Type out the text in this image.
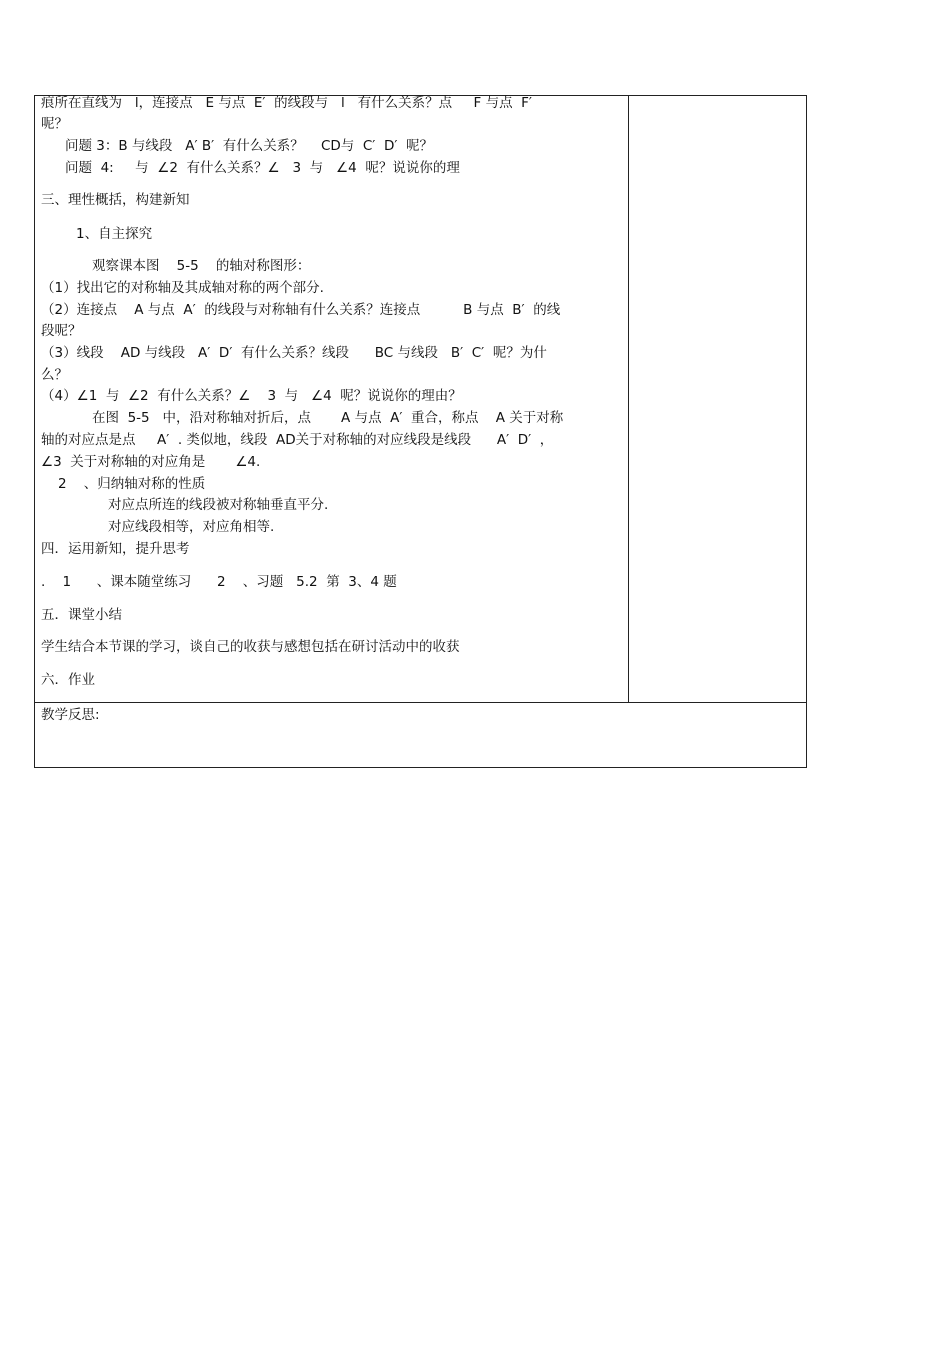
痕所在直线为   l，连接点   E 与点  E′  的线段与   l   有什么关系？点     F 与点  F′
呢？
问题 3：B 与线段   A′ B′  有什么关系？    CD与  C′  D′  呢？
问题  4:     与  ∠2  有什么关系？∠   3  与   ∠4  呢？说说你的理
三、理性概括，构建新知
1、自主探究
观察课本图    5-5    的轴对称图形：
（1）找出它的对称轴及其成轴对称的两个部分.
（2）连接点    A 与点  A′  的线段与对称轴有什么关系？连接点          B 与点  B′  的线
段呢？
（3）线段    AD 与线段   A′  D′  有什么关系？线段      BC 与线段   B′  C′  呢？为什
么？
（4）∠1  与  ∠2  有什么关系？∠    3  与   ∠4  呢？说说你的理由？
在图  5-5   中，沿对称轴对折后，点       A 与点  A′  重合，称点    A 关于对称
轴的对应点是点     A′  . 类似地，线段  AD关于对称轴的对应线段是线段      A′  D′  ，
∠3  关于对称轴的对应角是       ∠4.
2    、归纳轴对称的性质
对应点所连的线段被对称轴垂直平分.
对应线段相等，对应角相等.
四．运用新知，提升思考
.    1      、课本随堂练习      2    、习题   5.2  第  3、4 题
五．课堂小结
学生结合本节课的学习，谈自己的收获与感想包括在研讨活动中的收获
六．作业
教学反思:
